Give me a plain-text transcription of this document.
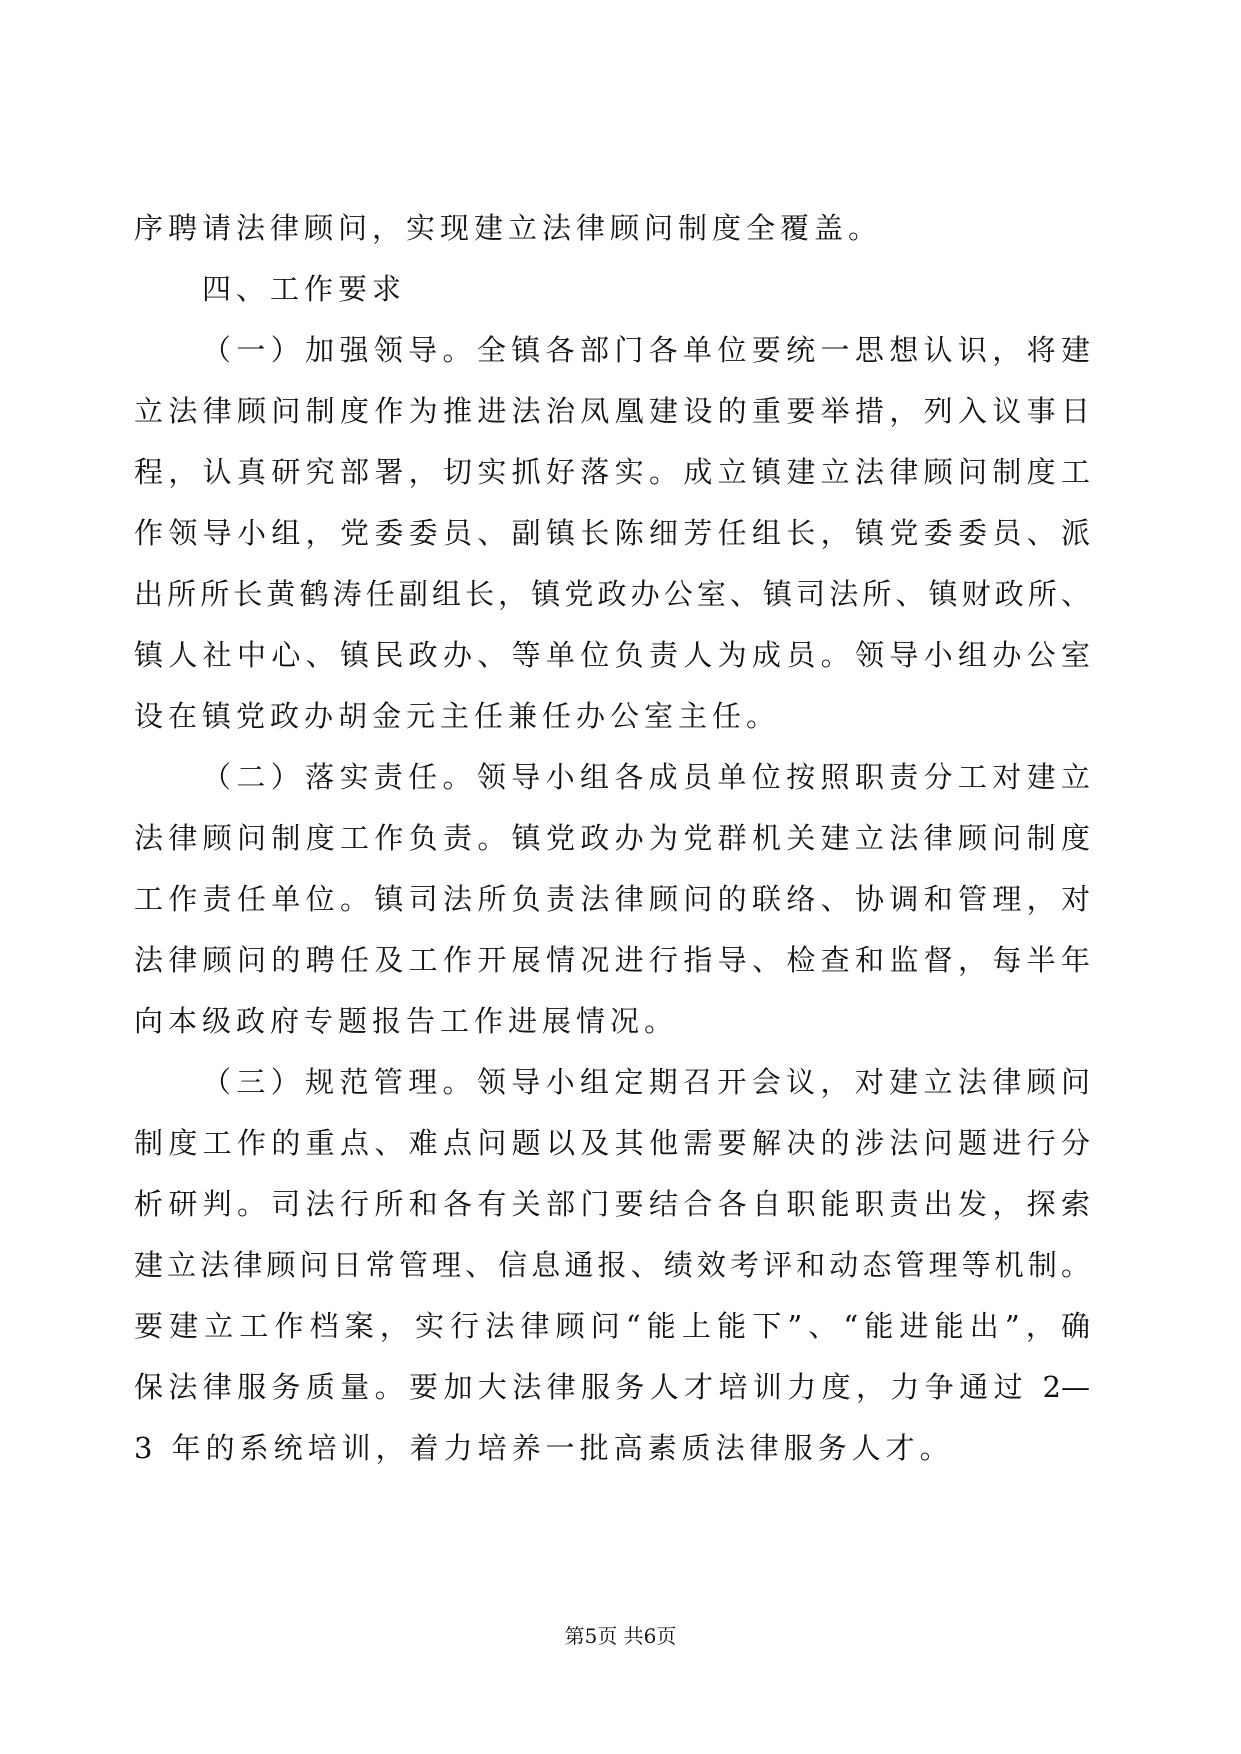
序聘请法律顾问，实现建立法律顾问制度全覆盖。
四、工作要求
（一）加强领导。全镇各部门各单位要统一思想认识，将建
立法律顾问制度作为推进法治凤凰建设的重要举措，列入议事日
程，认真研究部署，切实抓好落实。成立镇建立法律顾问制度工
作领导小组，党委委员、副镇长陈细芳任组长，镇党委委员、派
出所所长黄鹤涛任副组长，镇党政办公室、镇司法所、镇财政所、
镇人社中心、镇民政办、等单位负责人为成员。领导小组办公室
设在镇党政办胡金元主任兼任办公室主任。
（二）落实责任。领导小组各成员单位按照职责分工对建立
法律顾问制度工作负责。镇党政办为党群机关建立法律顾问制度
工作责任单位。镇司法所负责法律顾问的联络、协调和管理，对
法律顾问的聘任及工作开展情况进行指导、检查和监督，每半年
向本级政府专题报告工作进展情况。
（三）规范管理。领导小组定期召开会议，对建立法律顾问
制度工作的重点、难点问题以及其他需要解决的涉法问题进行分
析研判。司法行所和各有关部门要结合各自职能职责出发，探索
建立法律顾问日常管理、信息通报、绩效考评和动态管理等机制。
要建立工作档案，实行法律顾问“能上能下”、“能进能出”，确
保法律服务质量。要加大法律服务人才培训力度，力争通过 2—
3 年的系统培训，着力培养一批高素质法律服务人才。
第5页 共6页
